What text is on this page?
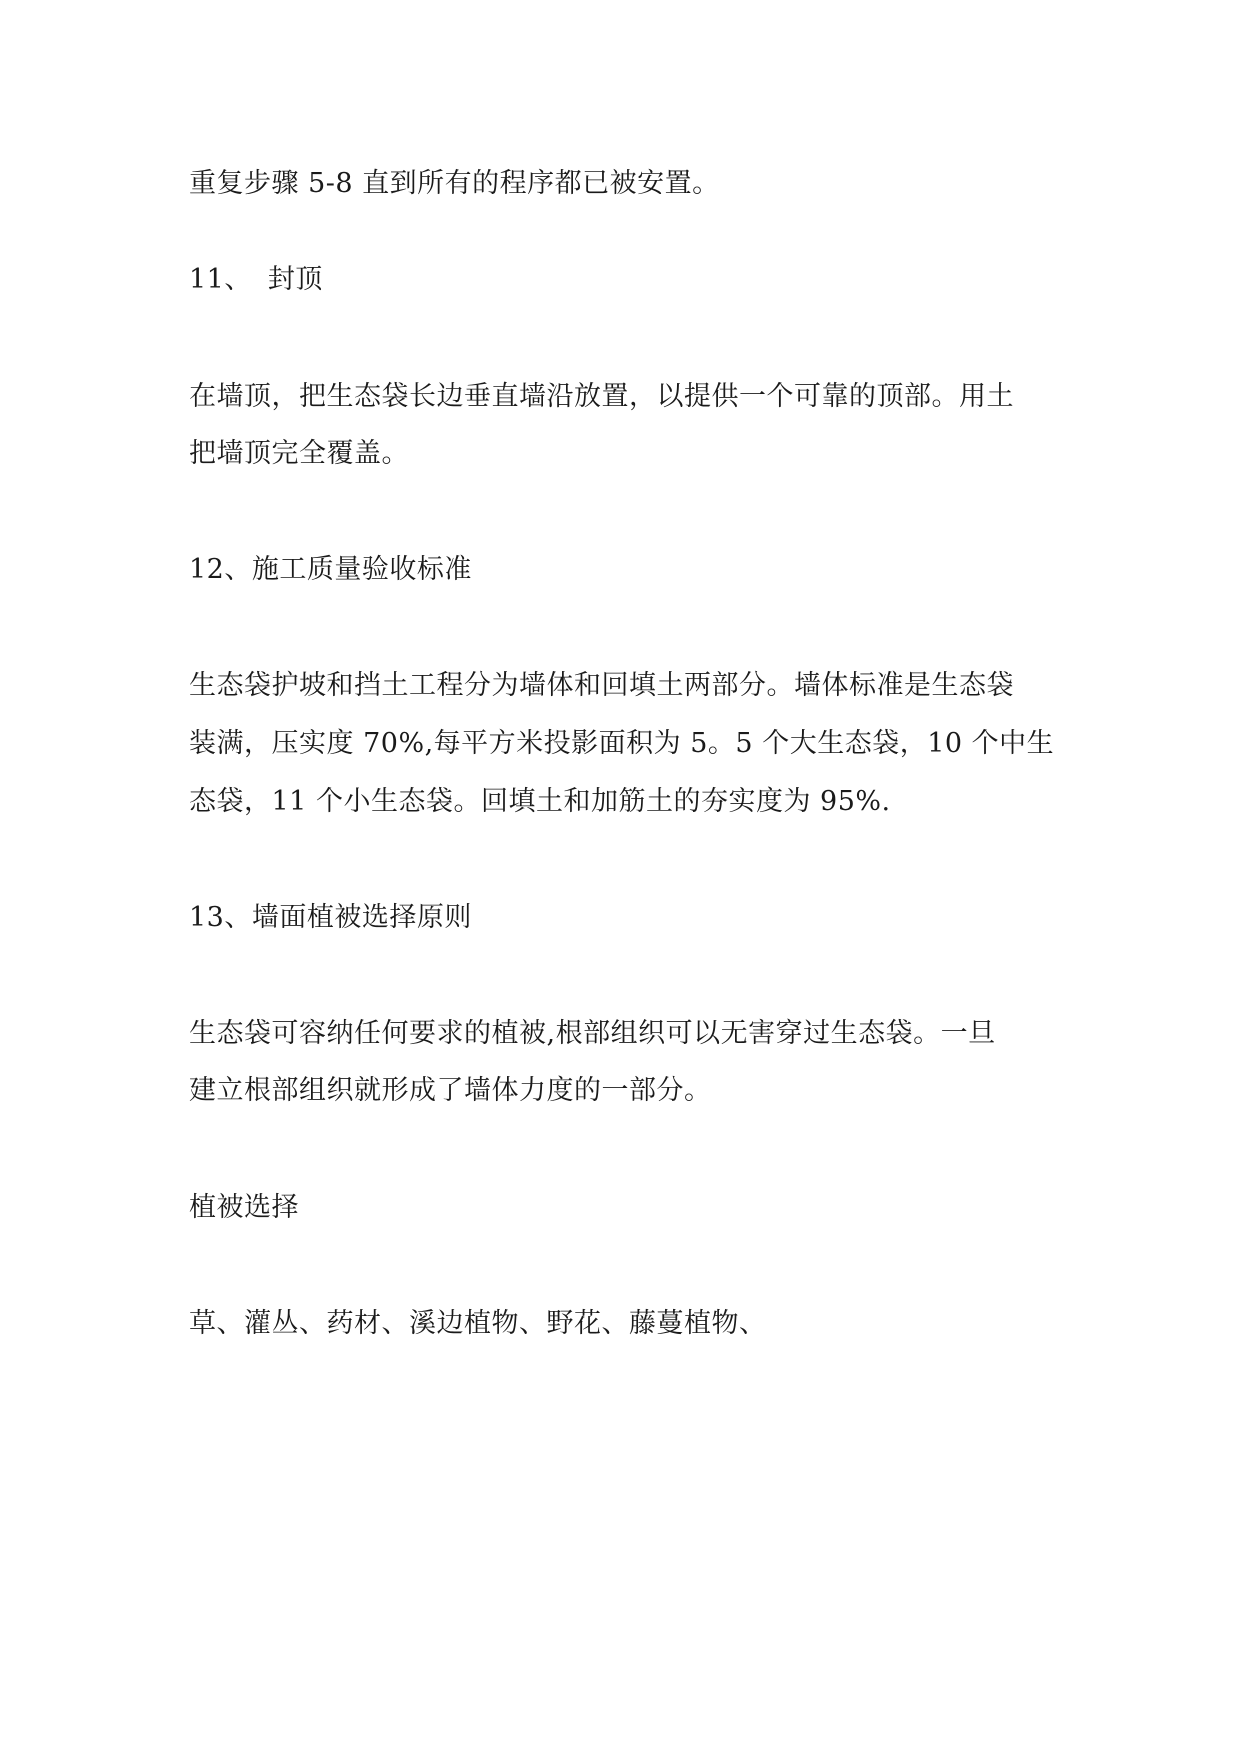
重复步骤 5-8 直到所有的程序都已被安置。

11、 封顶

在墙顶，把生态袋长边垂直墙沿放置，以提供一个可靠的顶部。用土

把墙顶完全覆盖。

12、施工质量验收标准

生态袋护坡和挡土工程分为墙体和回填土两部分。墙体标准是生态袋

装满，压实度 70%,每平方米投影面积为 5。5 个大生态袋，10 个中生

态袋，11 个小生态袋。回填土和加筋土的夯实度为 95%.

13、墙面植被选择原则

生态袋可容纳任何要求的植被,根部组织可以无害穿过生态袋。一旦

建立根部组织就形成了墙体力度的一部分。

植被选择

草、灌丛、药材、溪边植物、野花、藤蔓植物、
